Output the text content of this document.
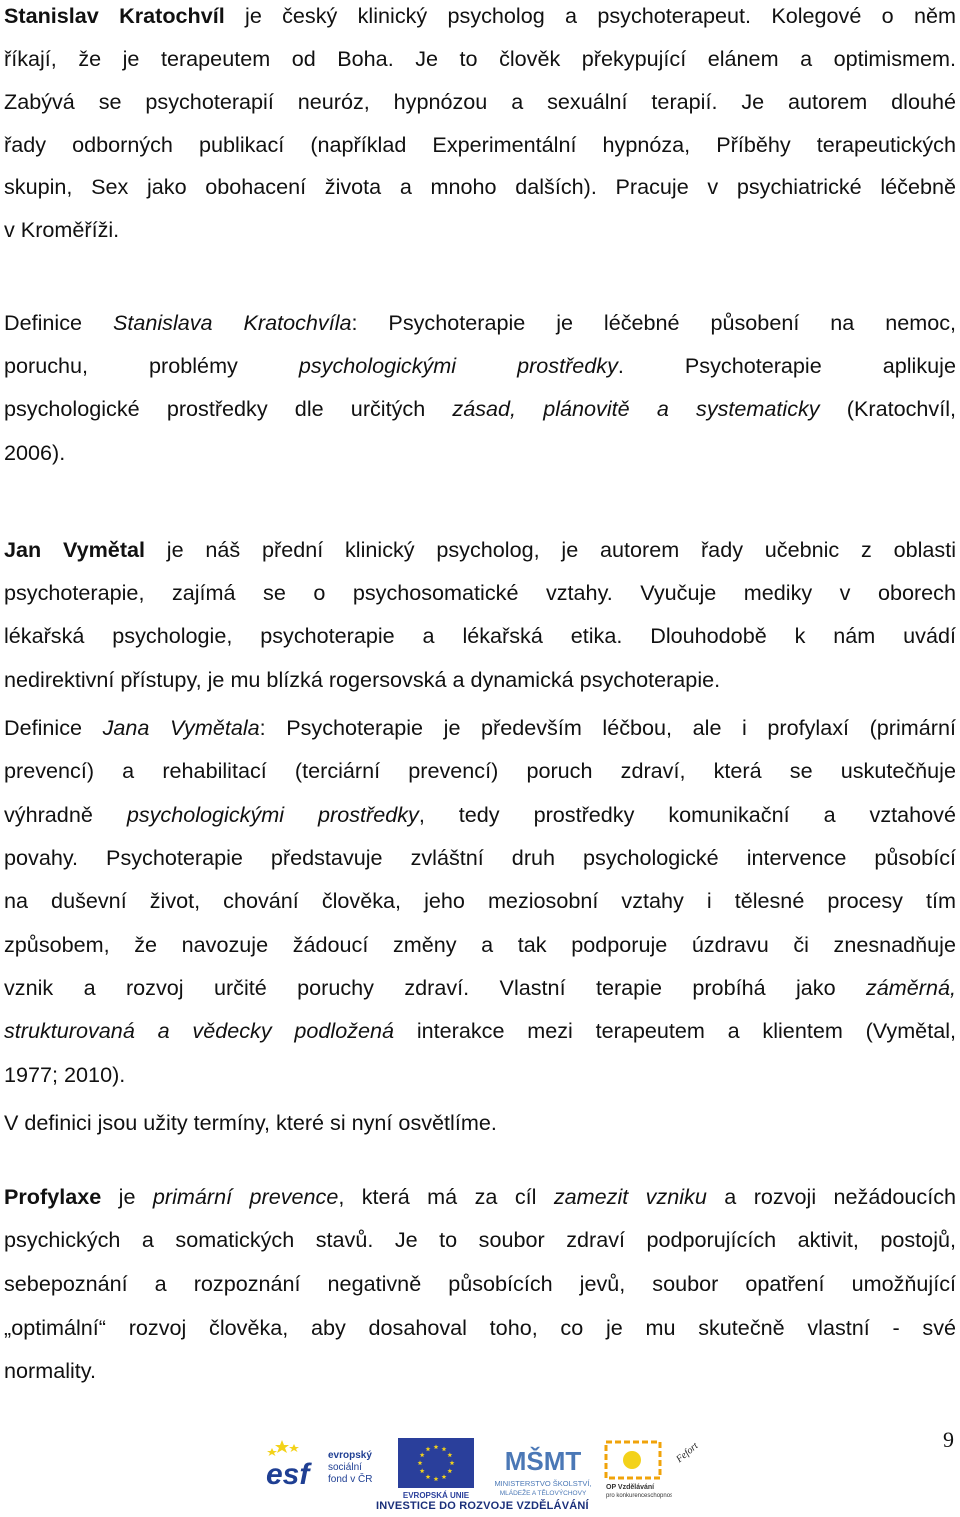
Stanislav Kratochvíl je český klinický psycholog a psychoterapeut. Kolegové o něm
říkají, že je terapeutem od Boha. Je to člověk překypující elánem a optimismem.
Zabývá se psychoterapií neuróz, hypnózou a sexuální terapií. Je autorem dlouhé
řady odborných publikací (například Experimentální hypnóza, Příběhy terapeutických
skupin, Sex jako obohacení života a mnoho dalších). Pracuje v psychiatrické léčebně
v Kroměříži.
Definice Stanislava Kratochvíla: Psychoterapie je léčebné působení na nemoc,
poruchu, problémy psychologickými prostředky. Psychoterapie aplikuje
psychologické prostředky dle určitých zásad, plánovitě a systematicky (Kratochvíl,
2006).
Jan Vymětal je náš přední klinický psycholog, je autorem řady učebnic z oblasti
psychoterapie, zajímá se o psychosomatické vztahy. Vyučuje mediky v oborech
lékařská psychologie, psychoterapie a lékařská etika. Dlouhodobě k nám uvádí
nedirektivní přístupy, je mu blízká rogersovská a dynamická psychoterapie.
Definice Jana Vymětala: Psychoterapie je především léčbou, ale i profylaxí (primární
prevencí) a rehabilitací (terciární prevencí) poruch zdraví, která se uskutečňuje
výhradně psychologickými prostředky, tedy prostředky komunikační a vztahové
povahy. Psychoterapie představuje zvláštní druh psychologické intervence působící
na duševní život, chování člověka, jeho meziosobní vztahy i tělesné procesy tím
způsobem, že navozuje žádoucí změny a tak podporuje úzdravu či znesnadňuje
vznik a rozvoj určité poruchy zdraví. Vlastní terapie probíhá jako záměrná,
strukturovaná a vědecky podložená interakce mezi terapeutem a klientem (Vymětal,
1977; 2010).
V definici jsou užity termíny, které si nyní osvětlíme.
Profylaxe je primární prevence, která má za cíl zamezit vzniku a rozvoji nežádoucích
psychických a somatických stavů. Je to soubor zdraví podporujících aktivit, postojů,
sebepoznání a rozpoznání negativně působících jevů, soubor opatření umožňující
„optimální“ rozvoj člověka, aby dosahoval toho, co je mu skutečně vlastní - své
normality.
9
esf
evropský
sociální
fond v ČR
EVROPSKÁ UNIE
MŠMT
MINISTERSTVO ŠKOLSTVÍ,
MLÁDEŽE A TĚLOVÝCHOVY
OP Vzdělávání
pro konkurenceschopnost
Fefort
INVESTICE DO ROZVOJE VZDĚLÁVÁNÍ
